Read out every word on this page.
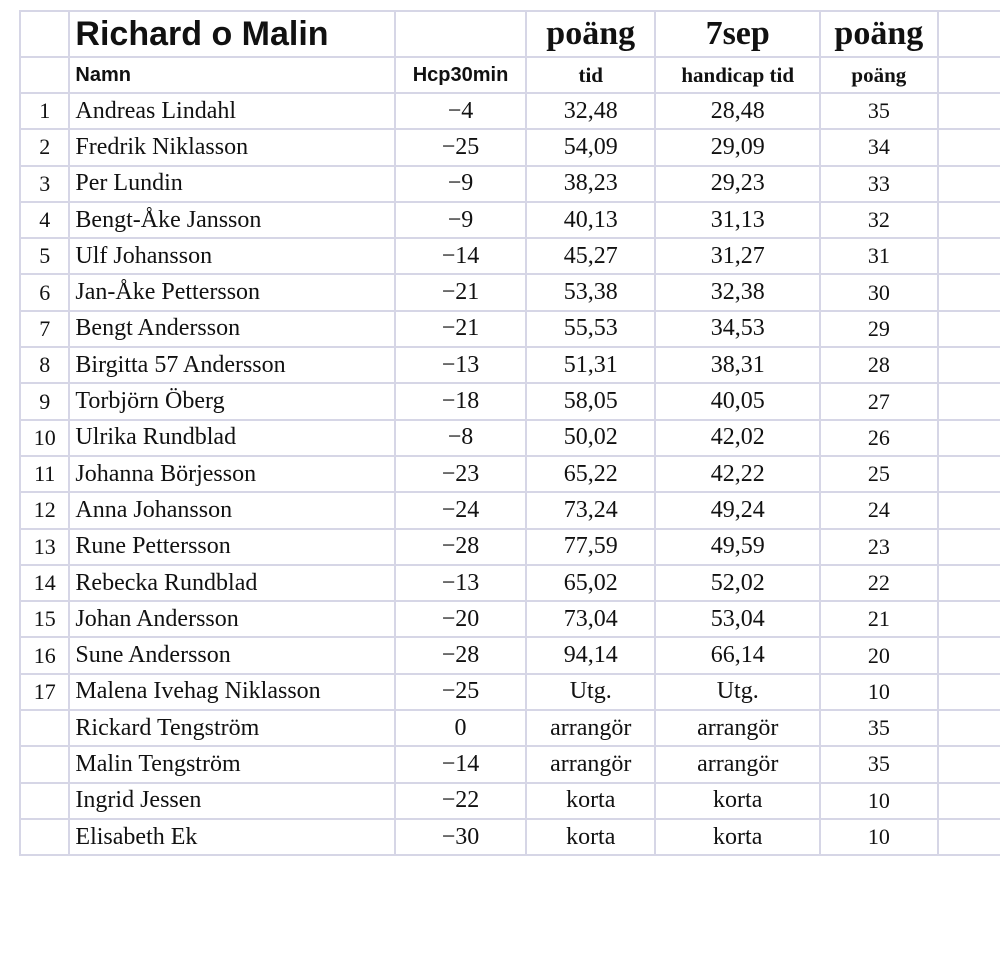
	Richard o Malin		poäng	7sep	poäng	
	Namn	Hcp30min	tid	handicap tid	poäng	
1	Andreas Lindahl	−4	32,48	28,48	35	
2	Fredrik Niklasson	−25	54,09	29,09	34	
3	Per Lundin	−9	38,23	29,23	33	
4	Bengt-Åke Jansson	−9	40,13	31,13	32	
5	Ulf Johansson	−14	45,27	31,27	31	
6	Jan-Åke Pettersson	−21	53,38	32,38	30	
7	Bengt Andersson	−21	55,53	34,53	29	
8	Birgitta 57 Andersson	−13	51,31	38,31	28	
9	Torbjörn Öberg	−18	58,05	40,05	27	
10	Ulrika Rundblad	−8	50,02	42,02	26	
11	Johanna Börjesson	−23	65,22	42,22	25	
12	Anna Johansson	−24	73,24	49,24	24	
13	Rune Pettersson	−28	77,59	49,59	23	
14	Rebecka Rundblad	−13	65,02	52,02	22	
15	Johan Andersson	−20	73,04	53,04	21	
16	Sune Andersson	−28	94,14	66,14	20	
17	Malena Ivehag Niklasson	−25	Utg.	Utg.	10	
	Rickard Tengström	0	arrangör	arrangör	35	
	Malin Tengström	−14	arrangör	arrangör	35	
	Ingrid Jessen	−22	korta	korta	10	
	Elisabeth Ek	−30	korta	korta	10	
